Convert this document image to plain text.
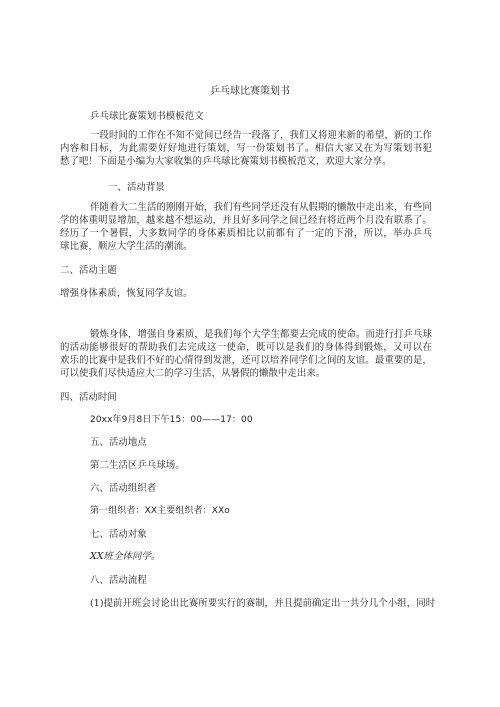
乒乓球比赛策划书
乒乓球比赛策划书模板范文
一段时间的工作在不知不觉间已经告一段落了，我们又将迎来新的希望，新的工作
内容和目标，为此需要好好地进行策划，写一份策划书了。相信大家又在为写策划书犯
愁了吧！下面是小编为大家收集的乒乓球比赛策划书模板范文，欢迎大家分享。
一、活动背景
伴随着大二生活的刚刚开始，我们有些同学还没有从假期的懒散中走出来，有些同
学的体重明显增加，越来越不想运动，并且好多同学之间已经有将近两个月没有联系了。
经历了一个暑假，大多数同学的身体素质相比以前都有了一定的下滑，所以，举办乒乓
球比赛，顺应大学生活的潮流。
二、活动主题
增强身体素质，恢复同学友谊。
锻炼身体，增强自身素质，是我们每个大学生都要去完成的使命。而进行打乒乓球
的活动能够很好的帮助我们去完成这一使命，既可以是我们的身体得到锻炼，又可以在
欢乐的比赛中是我们不好的心情得到发泄，还可以培养同学们之间的友谊。最重要的是，
可以使我们尽快适应大二的学习生活，从暑假的懒散中走出来。
四、活动时间
20xx年9月8日下午15：00——17：00
五、活动地点
第二生活区乒乓球场。
六、活动组织者
第一组织者：XX主要组织者：XXo
七、活动对象
XX班全体同学。
八、活动流程
(1)提前开班会讨论出比赛所要实行的赛制，并且提前确定出一共分几个小组，同时
